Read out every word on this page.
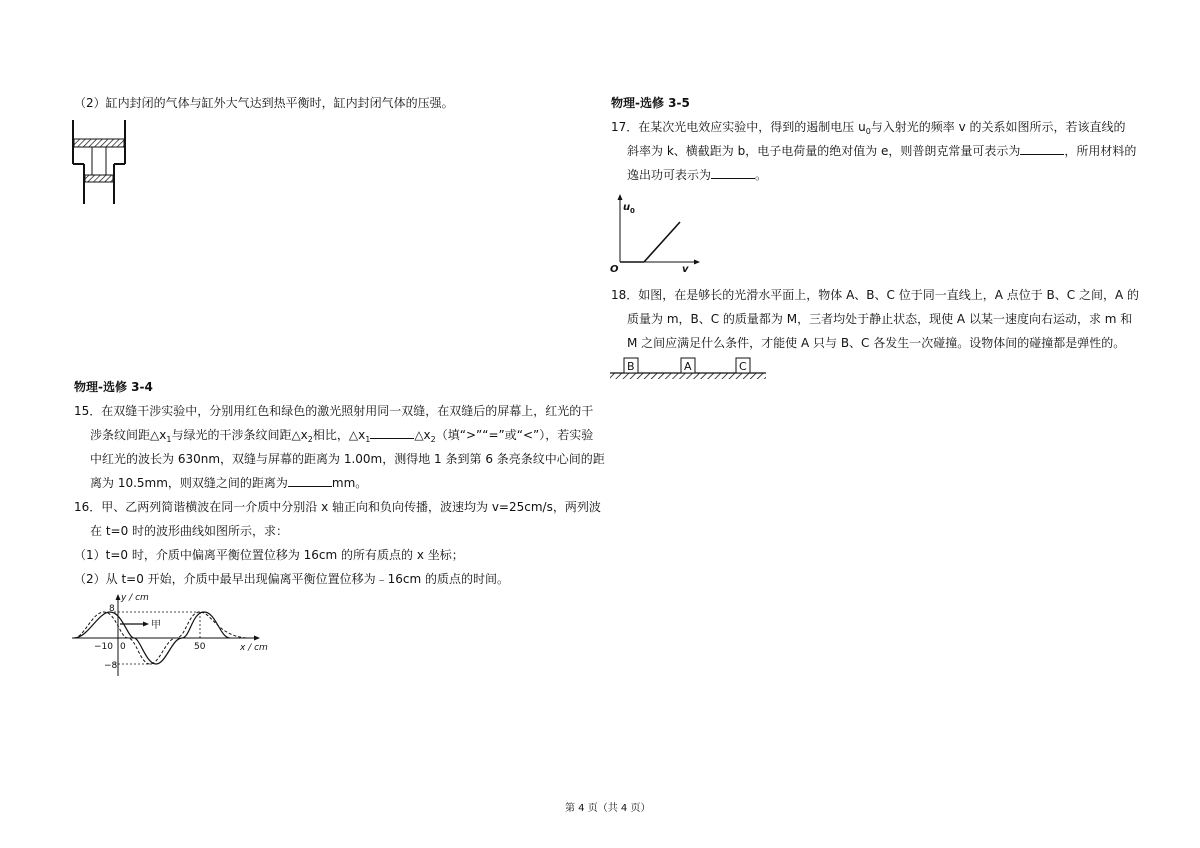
（2）缸内封闭的气体与缸外大气达到热平衡时，缸内封闭气体的压强。
物理-选修 3-4
15．在双缝干涉实验中，分别用红色和绿色的激光照射用同一双缝，在双缝后的屏幕上，红光的干
涉条纹间距$\triangle x_1$与绿光的干涉条纹间距$\triangle x_2$相比，$\triangle x_1$	$\triangle x_2$（填“>”“=”或“<”），若实验
中红光的波长为 630nm，双缝与屏幕的距离为 1.00m，测得地 1 条到第 6 条亮条纹中心间的距
离为 10.5mm，则双缝之间的距离为	mm。
16．甲、乙两列简谐横波在同一介质中分别沿 x 轴正向和负向传播，波速均为 v=25cm/s，两列波
在 t=0 时的波形曲线如图所示，求：
（1）t=0 时，介质中偏离平衡位置位移为 16cm 的所有质点的 x 坐标；
（2）从 t=0 开始，介质中最早出现偏离平衡位置位移为﹣16cm 的质点的时间。
甲
y / cm
x / cm
8
−8
−10 0	50
物理-选修 3-5
17．在某次光电效应实验中，得到的遏制电压 $u_0$与入射光的频率 v 的关系如图所示，若该直线的
斜率为 k、横截距为 b，电子电荷量的绝对值为 e，则普朗克常量可表示为	，所用材料的
逸出功可表示为	。
u 0
O	v
18．如图，在是够长的光滑水平面上，物体 A、B、C 位于同一直线上，A 点位于 B、C 之间，A 的
质量为 m，B、C 的质量都为 M，三者均处于静止状态，现使 A 以某一速度向右运动，求 m 和
M 之间应满足什么条件，才能使 A 只与 B、C 各发生一次碰撞。设物体间的碰撞都是弹性的。
B	A	C
第 4 页（共 4 页）
